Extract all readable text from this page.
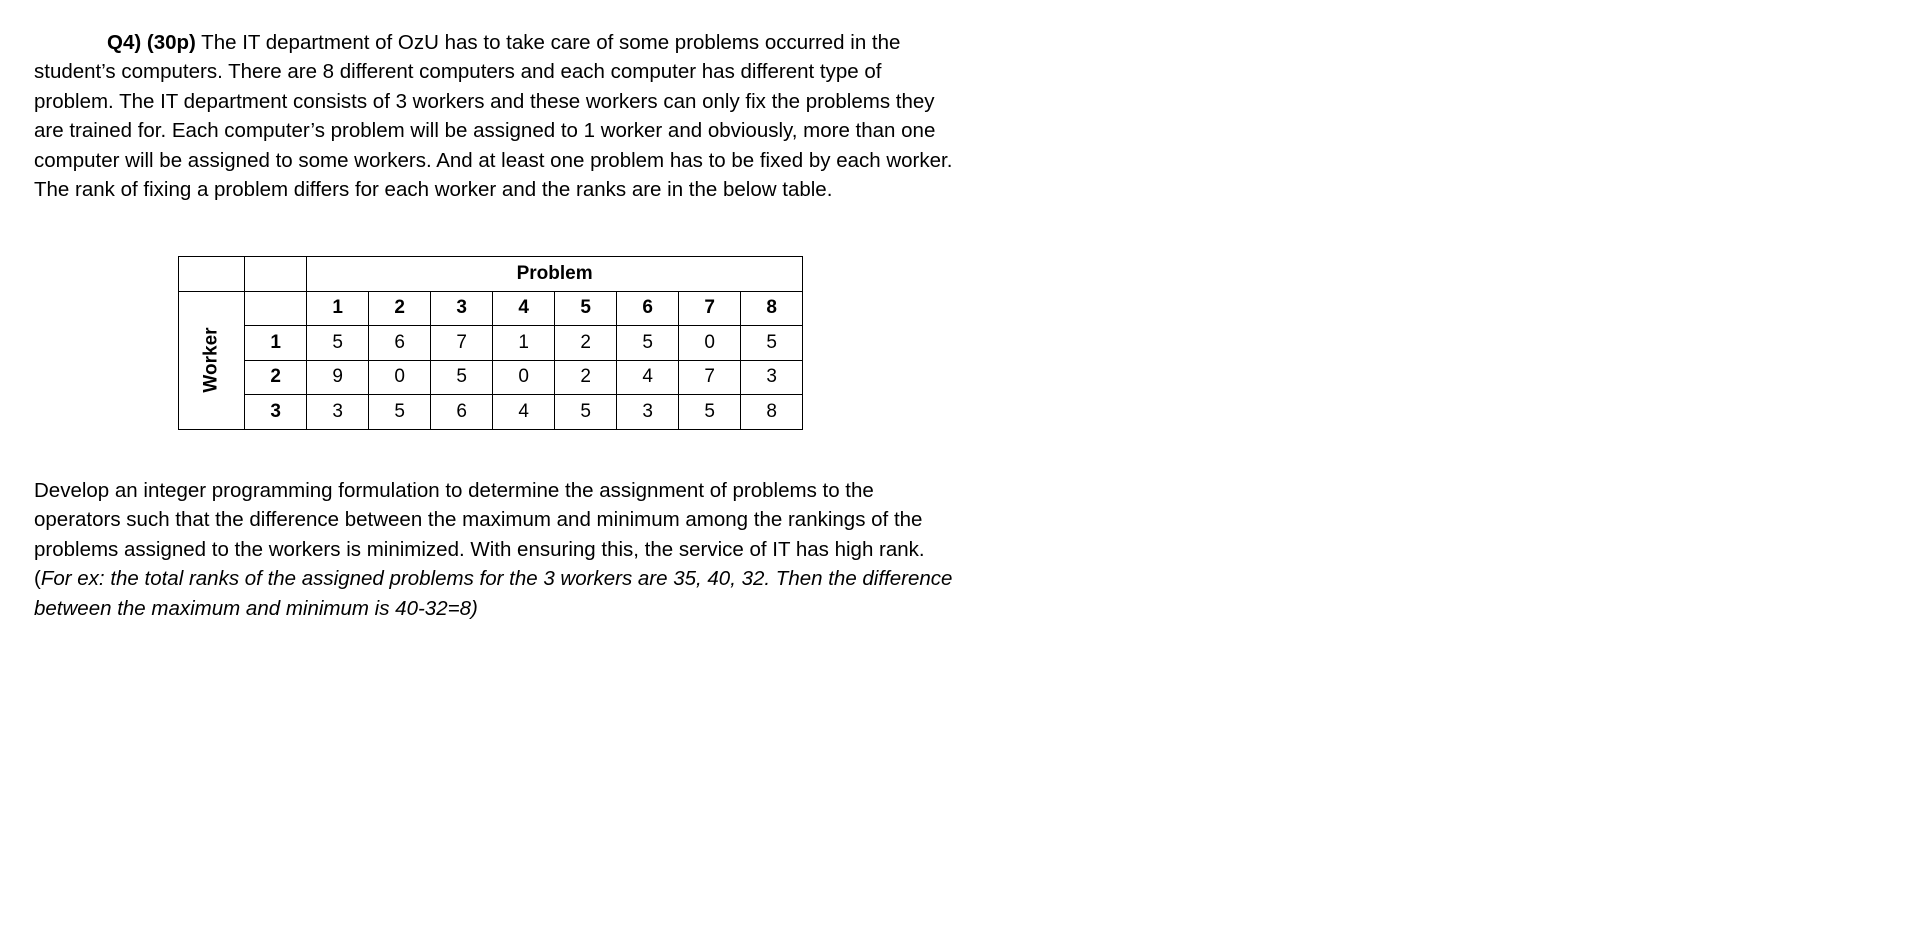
Q4) (30p) The IT department of OzU has to take care of some problems occurred in the student’s computers. There are 8 different computers and each computer has different type of problem. The IT department consists of 3 workers and these workers can only fix the problems they are trained for. Each computer’s problem will be assigned to 1 worker and obviously, more than one computer will be assigned to some workers. And at least one problem has to be fixed by each worker. The rank of fixing a problem differs for each worker and the ranks are in the below table.

		Problem							
Worker		1	2	3	4	5	6	7	8
	1	5	6	7	1	2	5	0	5
	2	9	0	5	0	2	4	7	3
	3	3	5	6	4	5	3	5	8

Develop an integer programming formulation to determine the assignment of problems to the operators such that the difference between the maximum and minimum among the rankings of the problems assigned to the workers is minimized. With ensuring this, the service of IT has high rank. (For ex: the total ranks of the assigned problems for the 3 workers are 35, 40, 32. Then the difference between the maximum and minimum is 40-32=8)
